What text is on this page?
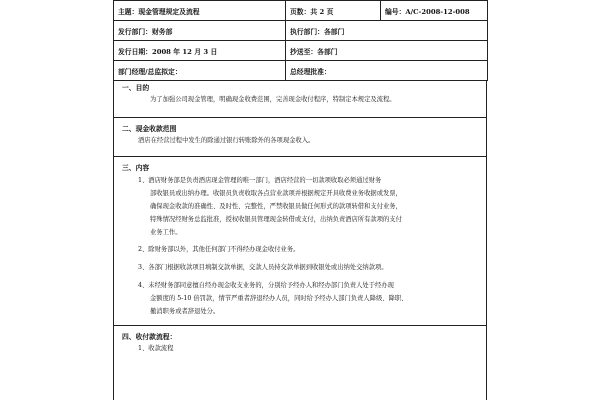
主题：现金管理规定及流程	页数：共 2 页	编号：A/C-2008-12-008
发行部门：财务部	执行部门：各部门	
发行日期：2008 年 12 月 3 日	抄送至：各部门	
部门经理/总监拟定：	总经理批准：	
一、目的
为了加强公司现金管理，明确现金收费范围，完善现金收付程序，特制定本规定及流程。
二、现金收款范围
酒店在经营过程中发生的除通过银行转账除外的各项现金收入。
三、内容
1、酒店财务部是负责酒店现金管理的唯一部门，酒店经营的一切款项收取必须通过财务
部收银员或出纳办理。收银员负责收取各点营业款项并根据规定开具收费业务收据或发票，
确保现金收款的准确性、及时性、完整性，严禁收银员做任何形式的款项转借和支付业务，
特殊情况经财务总监批准，授权收银员管理现金转借或支付，出纳负责酒店所有款项的支付
业务工作。
2、除财务部以外，其他任何部门不得经办现金收付业务。
3、各部门根据收款项目填制交款单据，交款人员持交款单据到收银处或出纳处交纳款项。
4、未经财务部同意擅自经办现金收支业务的，分别给予经办人和经办部门负责人处于经办现
金额度的 5-10 倍罚款，情节严重者辞退经办人员，同时给予经办人部门负责人降级、降职、
撤消职务或者辞退处分。
四、收付款流程：
1、收款流程
